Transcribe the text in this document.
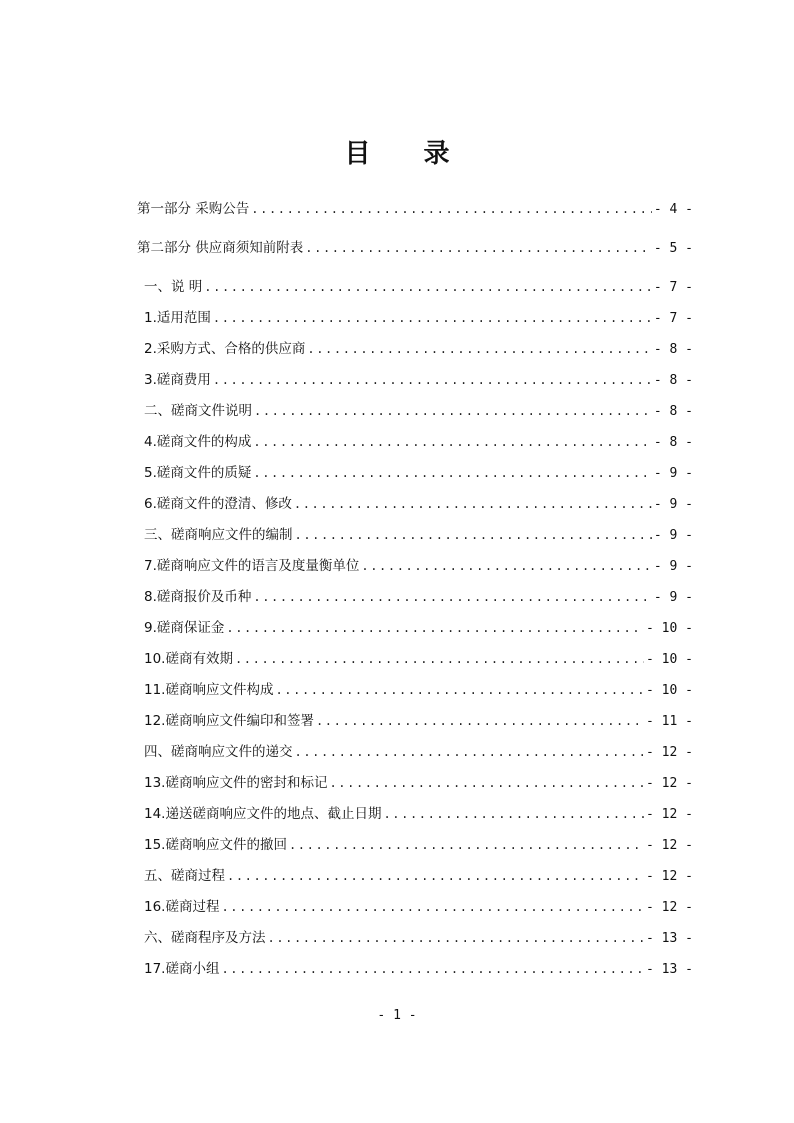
目 录
第一部分 采购公告 .....	- 4 -
第二部分 供应商须知前附表 .....	- 5 -
一、说 明 .....	- 7 -
1.适用范围 .....	- 7 -
2.采购方式、合格的供应商 .....	- 8 -
3.磋商费用 .....	- 8 -
二、磋商文件说明 .....	- 8 -
4.磋商文件的构成 .....	- 8 -
5.磋商文件的质疑 .....	- 9 -
6.磋商文件的澄清、修改 .....	- 9 -
三、磋商响应文件的编制 .....	- 9 -
7.磋商响应文件的语言及度量衡单位 .....	- 9 -
8.磋商报价及币种 .....	- 9 -
9.磋商保证金 .....	- 10 -
10.磋商有效期 .....	- 10 -
11.磋商响应文件构成 .....	- 10 -
12.磋商响应文件编印和签署 .....	- 11 -
四、磋商响应文件的递交 .....	- 12 -
13.磋商响应文件的密封和标记 .....	- 12 -
14.递送磋商响应文件的地点、截止日期 .....	- 12 -
15.磋商响应文件的撤回 .....	- 12 -
五、磋商过程 .....	- 12 -
16.磋商过程 .....	- 12 -
六、磋商程序及方法 .....	- 13 -
17.磋商小组 .....	- 13 -
- 1 -
